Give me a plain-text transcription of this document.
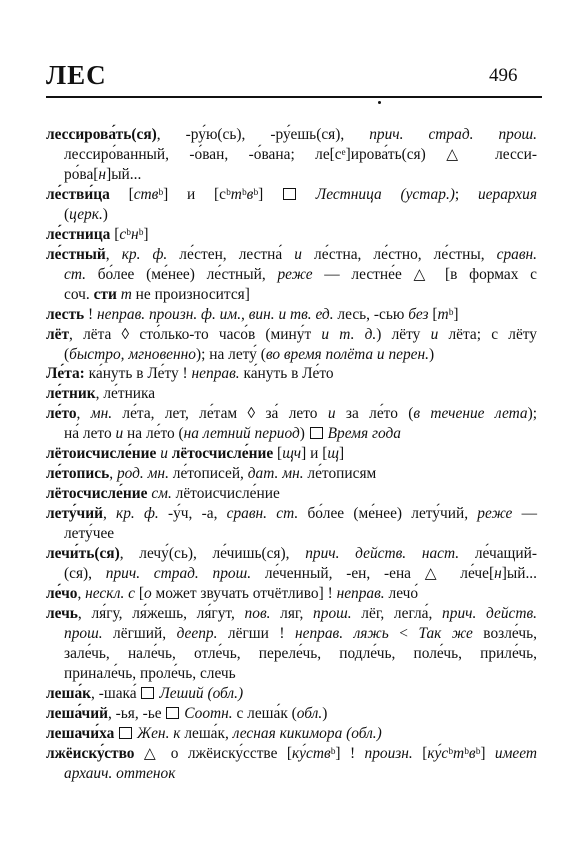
ЛЕС	496
лессирова́ть(ся), -ру́ю(сь), -ру́ешь(ся), прич. страд. прош.
лессиро́ванный, -о́ван, -о́вана; ле[сᵉ]ирова́ть(ся) △ лесси-
ро́ва[н]ый...
ле́стви́ца [ствᵇ] и [сᵇтᵇвᵇ]  Лестница (устар.); иерархия
(церк.)
ле́стница [сᵇнᵇ]
ле́стный, кр. ф. ле́стен, лестна́ и ле́стна, ле́стно, ле́стны, сравн.
ст. бо́лее (ме́нее) ле́стный, реже — лестне́е △ [в формах с
соч. сти т не произносится]
лесть ! неправ. произн. ф. им., вин. и тв. ед. лесь, -сью без [тᵇ]
лёт, лёта ◊ сто́лько-то часо́в (мину́т и т. д.) лёту и лёта; с лёту
(быстро, мгновенно); на лету́ (во время полёта и перен.)
Ле́та: ка́нуть в Ле́ту ! неправ. ка́нуть в Ле́то
ле́тник, ле́тника
ле́то, мн. ле́та, лет, ле́там ◊ за́ лето и за ле́то (в течение лета);
на́ лето и на ле́то (на летний период)  Время года
лётоисчисле́ние и лётосчисле́ние [щч] и [щ]
ле́топись, род. мн. ле́тописей, дат. мн. ле́тописям
лётосчисле́ние см. лётоисчисле́ние
лету́чий, кр. ф. -у́ч, -а, сравн. ст. бо́лее (ме́нее) лету́чий, реже —
лету́чее
лечи́ть(ся), лечу́(сь), ле́чишь(ся), прич. действ. наст. ле́чащий-
(ся), прич. страд. прош. ле́ченный, -ен, -ена △ ле́че[н]ый...
ле́чо, нескл. с [о может звучать отчётливо] ! неправ. лечо́
лечь, ля́гу, ля́жешь, ля́гут, пов. ляг, прош. лёг, легла́, прич. действ.
прош. лёгший, деепр. лёгши ! неправ. ляжь < Так же возле́чь,
зале́чь, нале́чь, отле́чь, переле́чь, подле́чь, поле́чь, приле́чь,
принале́чь, проле́чь, слечь
леша́к, -шака́  Леший (обл.)
леша́чий, -ья, -ье  Соотн. с леша́к (обл.)
лешачи́ха Жен. к леша́к, лесная кикимора (обл.)
лжёиску́ство △ о лжёиску́сстве [ку́ствᵇ] ! произн. [ку́сᵇтᵇвᵇ] имеет
архаич. оттенок
